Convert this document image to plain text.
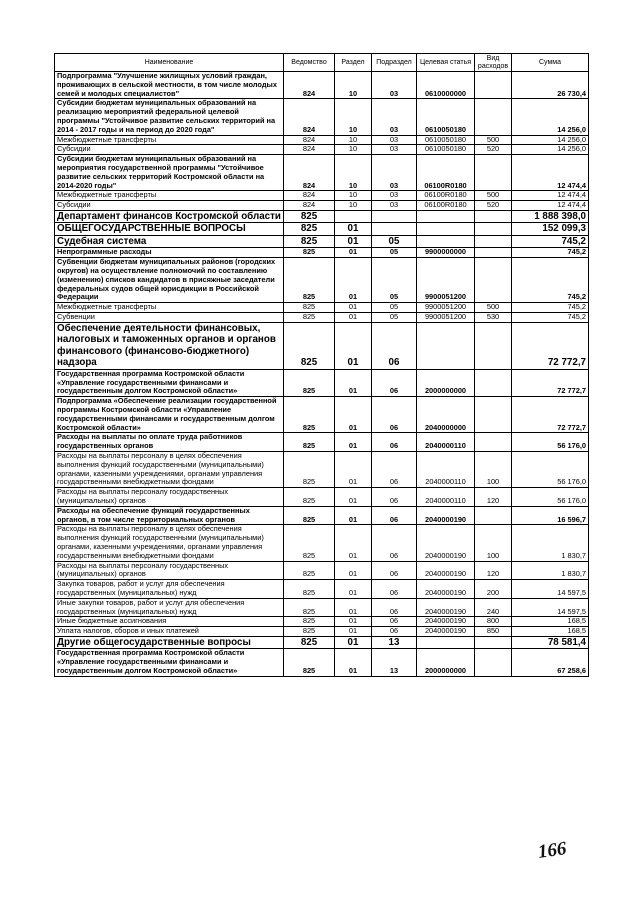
Наименование	Ведомство	Раздел	Подраздел	Целевая статья	Вид расходов	Сумма
Подпрограмма "Улучшение жилищных условий граждан, проживающих в сельской местности, в том числе молодых семей и молодых специалистов"	824	10	03	0610000000		26 730,4
Субсидии бюджетам муниципальных образований на реализацию мероприятий федеральной целевой программы "Устойчивое развитие сельских территорий на 2014 - 2017 годы и на период до 2020 года"	824	10	03	0610050180		14 256,0
Межбюджетные трансферты	824	10	03	0610050180	500	14 256,0
Субсидии	824	10	03	0610050180	520	14 256,0
Субсидии бюджетам муниципальных образований на мероприятия государственной программы "Устойчивое развитие сельских территорий Костромской области на 2014-2020 годы"	824	10	03	06100R0180		12 474,4
Межбюджетные трансферты	824	10	03	06100R0180	500	12 474,4
Субсидии	824	10	03	06100R0180	520	12 474,4
Департамент финансов Костромской области	825					1 888 398,0
ОБЩЕГОСУДАРСТВЕННЫЕ ВОПРОСЫ	825	01				152 099,3
Судебная система	825	01	05			745,2
Непрограммные расходы	825	01	05	9900000000		745,2
Субвенции бюджетам муниципальных районов (городских округов) на осуществление полномочий по составлению (изменению) списков кандидатов в присяжные заседатели федеральных судов общей юрисдикции в Российской Федерации	825	01	05	9900051200		745,2
Межбюджетные трансферты	825	01	05	9900051200	500	745,2
Субвенции	825	01	05	9900051200	530	745,2
Обеспечение деятельности финансовых, налоговых и таможенных органов и органов финансового (финансово-бюджетного) надзора	825	01	06			72 772,7
Государственная программа Костромской области «Управление государственными финансами и государственным долгом Костромской области»	825	01	06	2000000000		72 772,7
Подпрограмма «Обеспечение реализации государственной программы Костромской области «Управление государственными финансами и государственным долгом Костромской области»	825	01	06	2040000000		72 772,7
Расходы на выплаты по оплате труда работников государственных органов	825	01	06	2040000110		56 176,0
Расходы на выплаты персоналу в целях обеспечения выполнения функций государственными (муниципальными) органами, казенными учреждениями, органами управления государственными внебюджетными фондами	825	01	06	2040000110	100	56 176,0
Расходы на выплаты персоналу государственных (муниципальных) органов	825	01	06	2040000110	120	56 176,0
Расходы на обеспечение функций государственных органов, в том числе территориальных органов	825	01	06	2040000190		16 596,7
Расходы на выплаты персоналу в целях обеспечения выполнения функций государственными (муниципальными) органами, казенными учреждениями, органами управления государственными внебюджетными фондами	825	01	06	2040000190	100	1 830,7
Расходы на выплаты персоналу государственных (муниципальных) органов	825	01	06	2040000190	120	1 830,7
Закупка товаров, работ и услуг для обеспечения государственных (муниципальных) нужд	825	01	06	2040000190	200	14 597,5
Иные закупки товаров, работ и услуг для обеспечения государственных (муниципальных) нужд	825	01	06	2040000190	240	14 597,5
Иные бюджетные ассигнования	825	01	06	2040000190	800	168,5
Уплата налогов, сборов и иных платежей	825	01	06	2040000190	850	168,5
Другие общегосударственные вопросы	825	01	13			78 581,4
Государственная программа Костромской области «Управление государственными финансами и государственным долгом Костромской области»	825	01	13	2000000000		67 258,6
166
